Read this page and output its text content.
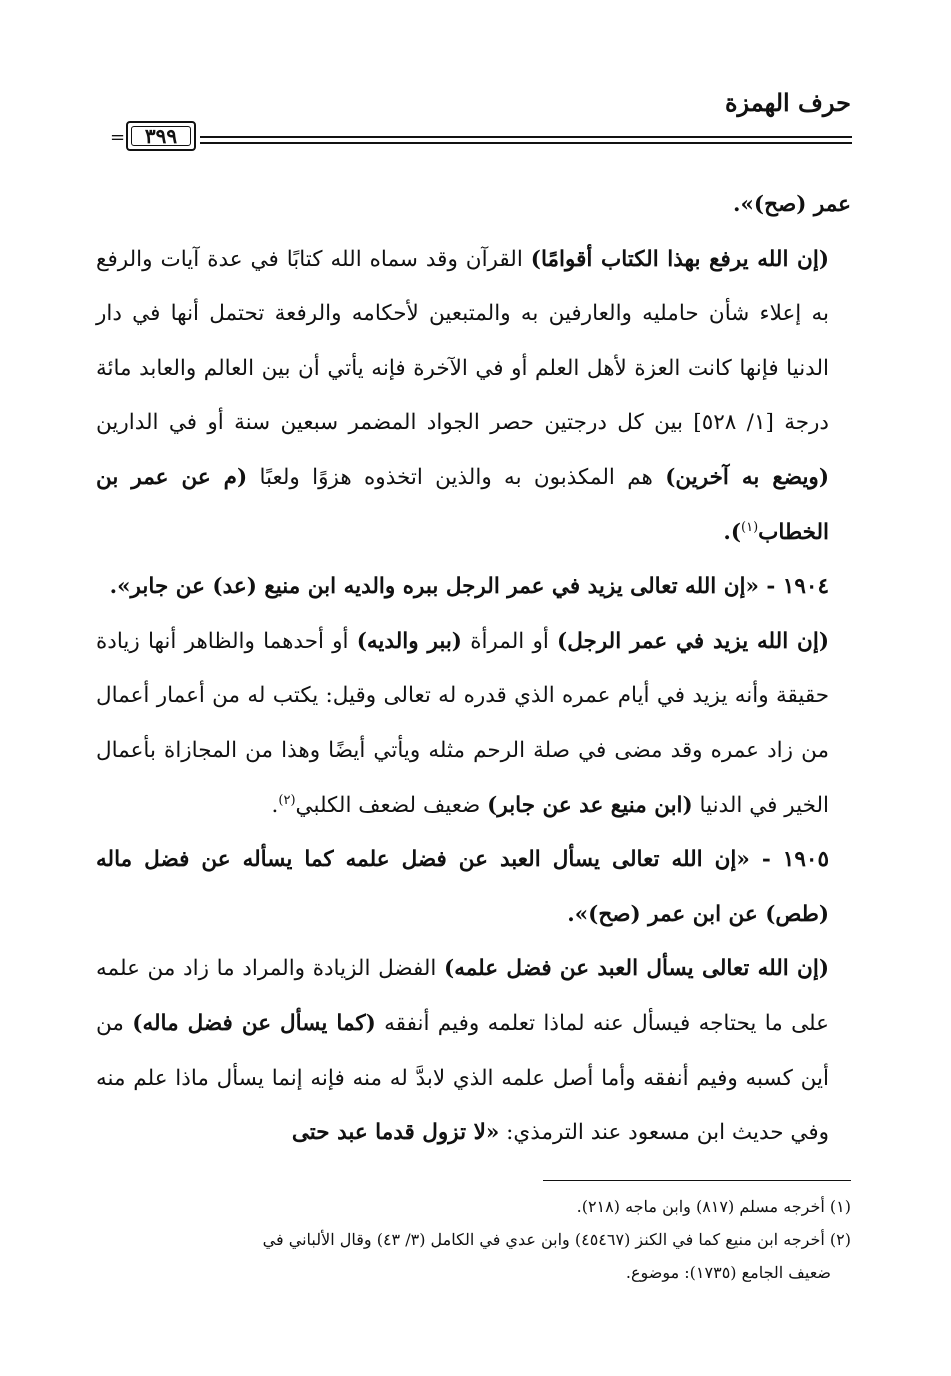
حرف الهمزة
= ٣٩٩

عمر (صح)».

(إن الله يرفع بهذا الكتاب أقوامًا) القرآن وقد سماه الله كتابًا في عدة آيات والرفع به إعلاء شأن حامليه والعارفين به والمتبعين لأحكامه والرفعة تحتمل أنها في دار الدنيا فإنها كانت العزة لأهل العلم أو في الآخرة فإنه يأتي أن بين العالم والعابد مائة درجة [١/ ٥٢٨] بين كل درجتين حصر الجواد المضمر سبعين سنة أو في الدارين (ويضع به آخرين) هم المكذبون به والذين اتخذوه هزوًا ولعبًا (م عن عمر بن الخطاب$^{(١)}$).

١٩٠٤ - «إن الله تعالى يزيد في عمر الرجل ببره والديه ابن منيع (عد) عن جابر».

(إن الله يزيد في عمر الرجل) أو المرأة (ببر والديه) أو أحدهما والظاهر أنها زيادة حقيقة وأنه يزيد في أيام عمره الذي قدره له تعالى وقيل: يكتب له من أعمار أعمال من زاد عمره وقد مضى في صلة الرحم مثله ويأتي أيضًا وهذا من المجازاة بأعمال الخير في الدنيا (ابن منيع عد عن جابر) ضعيف لضعف الكلبي$^{(٢)}$.

١٩٠٥ - «إن الله تعالى يسأل العبد عن فضل علمه كما يسأله عن فضل ماله (طص) عن ابن عمر (صح)».

(إن الله تعالى يسأل العبد عن فضل علمه) الفضل الزيادة والمراد ما زاد من علمه على ما يحتاجه فيسأل عنه لماذا تعلمه وفيم أنفقه (كما يسأل عن فضل ماله) من أين كسبه وفيم أنفقه وأما أصل علمه الذي لابدَّ له منه فإنه إنما يسأل ماذا علم منه وفي حديث ابن مسعود عند الترمذي: «لا تزول قدما عبد حتى

(١) أخرجه مسلم (٨١٧) وابن ماجه (٢١٨).

(٢) أخرجه ابن منيع كما في الكنز (٤٥٤٦٧) وابن عدي في الكامل (٣/ ٤٣) وقال الألباني في

ضعيف الجامع (١٧٣٥): موضوع.
